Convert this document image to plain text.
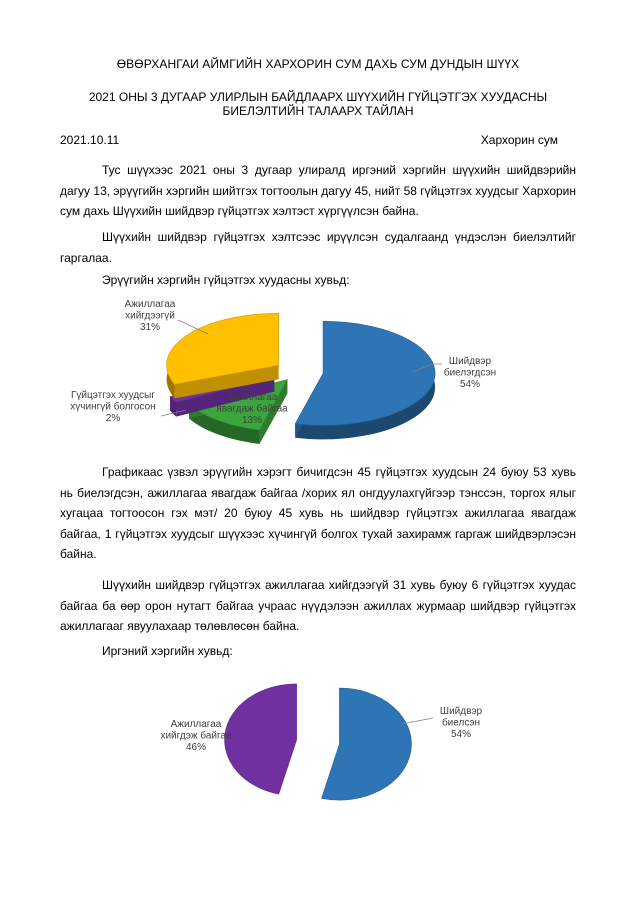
ӨВӨРХАНГАИ АЙМГИЙН ХАРХОРИН СУМ ДАХЬ СУМ ДУНДЫН ШҮҮХ
2021 ОНЫ 3 ДУГААР УЛИРЛЫН БАЙДЛААРХ ШҮҮХИЙН ГҮЙЦЭТГЭХ ХУУДАСНЫ
БИЕЛЭЛТИЙН ТАЛААРХ ТАЙЛАН
2021.10.11	Хархорин сум

Тус шүүхээс 2021 оны 3 дугаар улиралд иргэний хэргийн шүүхийн шийдвэрийн дагуу 13, эрүүгийн хэргийн шийтгэх тогтоолын дагуу 45, нийт 58 гүйцэтгэх хуудсыг Хархорин сум дахь Шүүхийн шийдвэр гүйцэтгэх хэлтэст хүргүүлсэн байна.

Шүүхийн шийдвэр гүйцэтгэх хэлтсээс ирүүлсэн судалгаанд үндэслэн биелэлтийг гаргалаа.

Эрүүгийн хэргийн гүйцэтгэх хуудасны хувьд:

Шийдвэр биелэгдсэн 54%
Ажиллагаа явагдаж байгаа 13%
Гүйцэтгэх хуудсыг хүчингүй болгосон 2%
Ажиллагаа хийгдээгүй 31%

Графикаас үзвэл эрүүгийн хэрэгт бичигдсэн 45 гүйцэтгэх хуудсын 24 буюу 53 хувь нь биелэгдсэн, ажиллагаа явагдаж байгаа /хорих ял онгдуулахгүйгээр тэнссэн, торгох ялыг хугацаа тогтоосон гэх мэт/ 20 буюу 45 хувь нь шийдвэр гүйцэтгэх ажиллагаа явагдаж байгаа, 1 гүйцэтгэх хуудсыг шүүхээс хүчингүй болгох тухай захирамж гаргаж шийдвэрлэсэн байна.

Шүүхийн шийдвэр гүйцэтгэх ажиллагаа хийгдээгүй 31 хувь буюу 6 гүйцэтгэх хуудас байгаа ба өөр орон нутагт байгаа учраас нүүдэлээн ажиллах журмаар шийдвэр гүйцэтгэх ажиллагааг явуулахаар төлөвлөсөн байна.

Иргэний хэргийн хувьд:

Шийдвэр биелсэн 54%
Ажиллагаа хийгдэж байгаа 46%
